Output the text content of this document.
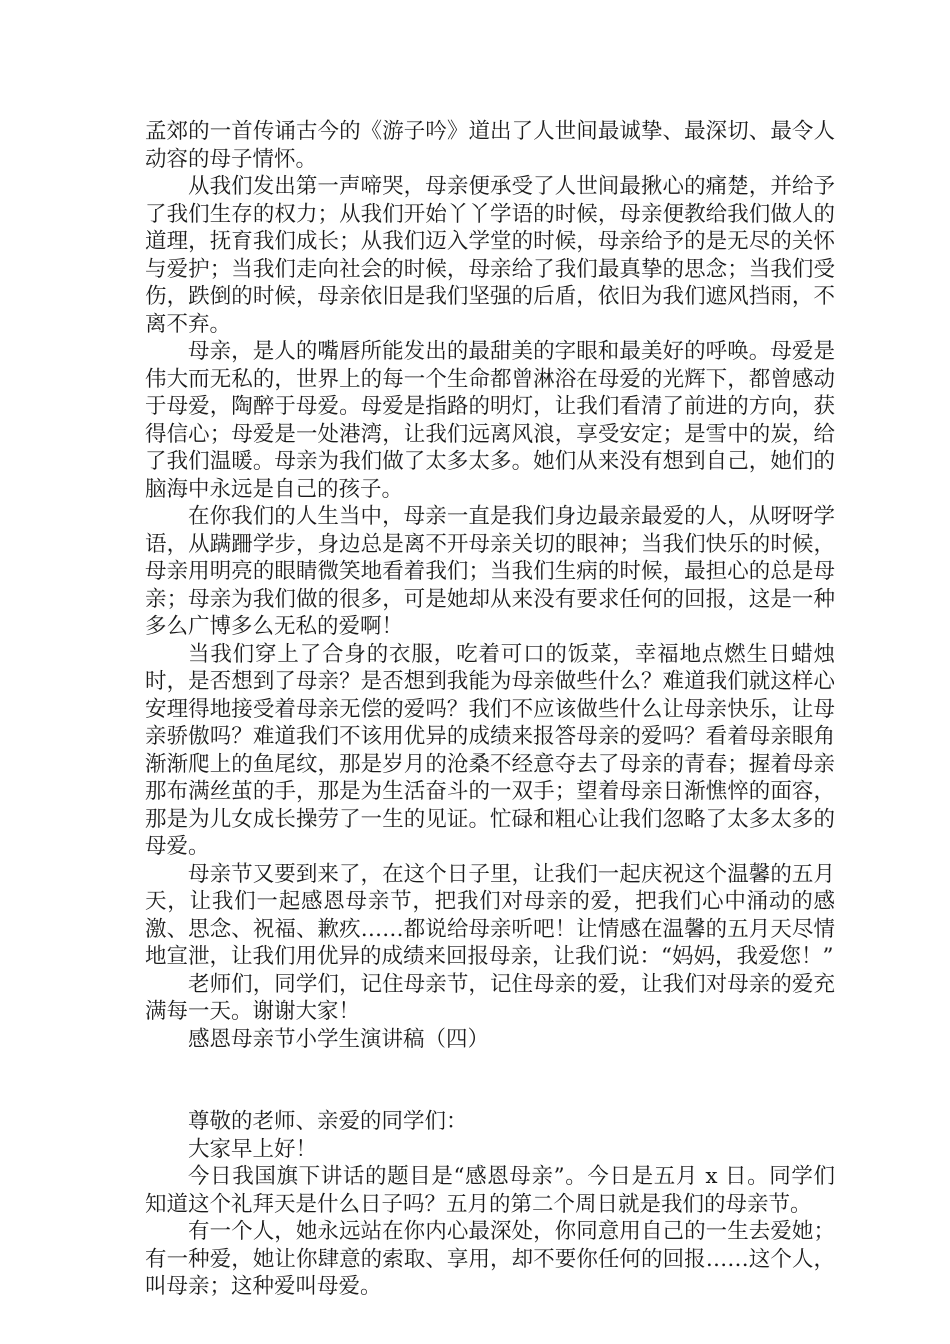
孟郊的一首传诵古今的《游子吟》道出了人世间最诚挚、最深切、最令人动容的母子情怀。

从我们发出第一声啼哭，母亲便承受了人世间最揪心的痛楚，并给予了我们生存的权力；从我们开始丫丫学语的时候，母亲便教给我们做人的道理，抚育我们成长；从我们迈入学堂的时候，母亲给予的是无尽的关怀与爱护；当我们走向社会的时候，母亲给了我们最真挚的思念；当我们受伤，跌倒的时候，母亲依旧是我们坚强的后盾，依旧为我们遮风挡雨，不离不弃。

母亲，是人的嘴唇所能发出的最甜美的字眼和最美好的呼唤。母爱是伟大而无私的，世界上的每一个生命都曾淋浴在母爱的光辉下，都曾感动于母爱，陶醉于母爱。母爱是指路的明灯，让我们看清了前进的方向，获得信心；母爱是一处港湾，让我们远离风浪，享受安定；是雪中的炭，给了我们温暖。母亲为我们做了太多太多。她们从来没有想到自己，她们的脑海中永远是自己的孩子。

在你我们的人生当中，母亲一直是我们身边最亲最爱的人，从呀呀学语，从蹒跚学步，身边总是离不开母亲关切的眼神；当我们快乐的时候，母亲用明亮的眼睛微笑地看着我们；当我们生病的时候，最担心的总是母亲；母亲为我们做的很多，可是她却从来没有要求任何的回报，这是一种多么广博多么无私的爱啊！

当我们穿上了合身的衣服，吃着可口的饭菜，幸福地点燃生日蜡烛时，是否想到了母亲？是否想到我能为母亲做些什么？难道我们就这样心安理得地接受着母亲无偿的爱吗？我们不应该做些什么让母亲快乐，让母亲骄傲吗？难道我们不该用优异的成绩来报答母亲的爱吗？看着母亲眼角渐渐爬上的鱼尾纹，那是岁月的沧桑不经意夺去了母亲的青春；握着母亲那布满丝茧的手，那是为生活奋斗的一双手；望着母亲日渐憔悴的面容，那是为儿女成长操劳了一生的见证。忙碌和粗心让我们忽略了太多太多的母爱。

母亲节又要到来了，在这个日子里，让我们一起庆祝这个温馨的五月天，让我们一起感恩母亲节，把我们对母亲的爱，把我们心中涌动的感激、思念、祝福、歉疚……都说给母亲听吧！让情感在温馨的五月天尽情地宣泄，让我们用优异的成绩来回报母亲，让我们说：“妈妈，我爱您！”

老师们，同学们，记住母亲节，记住母亲的爱，让我们对母亲的爱充满每一天。谢谢大家！

感恩母亲节小学生演讲稿（四）

尊敬的老师、亲爱的同学们：

大家早上好！

今日我国旗下讲话的题目是“感恩母亲”。今日是五月 x 日。同学们知道这个礼拜天是什么日子吗？五月的第二个周日就是我们的母亲节。

有一个人，她永远站在你内心最深处，你同意用自己的一生去爱她；有一种爱，她让你肆意的索取、享用，却不要你任何的回报……这个人，叫母亲；这种爱叫母爱。
